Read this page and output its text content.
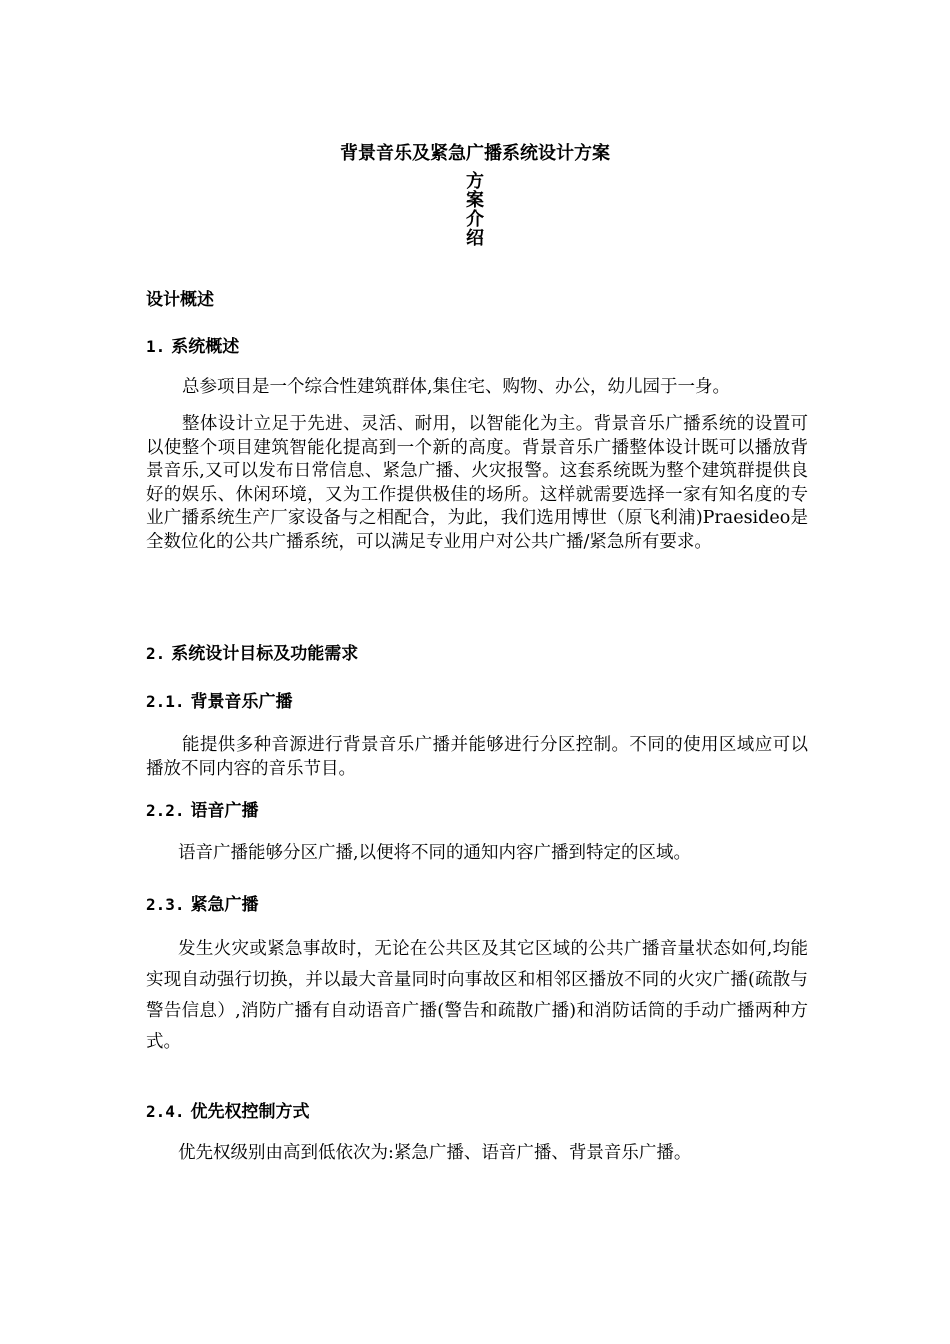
背景音乐及紧急广播系统设计方案
方
案
介
绍
设计概述
1. 系统概述

总参项目是一个综合性建筑群体,集住宅、购物、办公，幼儿园于一身。

整体设计立足于先进、灵活、耐用，以智能化为主。背景音乐广播系统的设置可以使整个项目建筑智能化提高到一个新的高度。背景音乐广播整体设计既可以播放背景音乐,又可以发布日常信息、紧急广播、火灾报警。这套系统既为整个建筑群提供良好的娱乐、休闲环境，又为工作提供极佳的场所。这样就需要选择一家有知名度的专业广播系统生产厂家设备与之相配合，为此，我们选用博世（原飞利浦)Praesideo是全数位化的公共广播系统，可以满足专业用户对公共广播/紧急所有要求。

2. 系统设计目标及功能需求
2.1. 背景音乐广播

能提供多种音源进行背景音乐广播并能够进行分区控制。不同的使用区域应可以播放不同内容的音乐节目。

2.2. 语音广播

语音广播能够分区广播,以便将不同的通知内容广播到特定的区域。

2.3. 紧急广播

发生火灾或紧急事故时，无论在公共区及其它区域的公共广播音量状态如何,均能实现自动强行切换，并以最大音量同时向事故区和相邻区播放不同的火灾广播(疏散与警告信息）,消防广播有自动语音广播(警告和疏散广播)和消防话筒的手动广播两种方式。

2.4. 优先权控制方式

优先权级别由高到低依次为:紧急广播、语音广播、背景音乐广播。
